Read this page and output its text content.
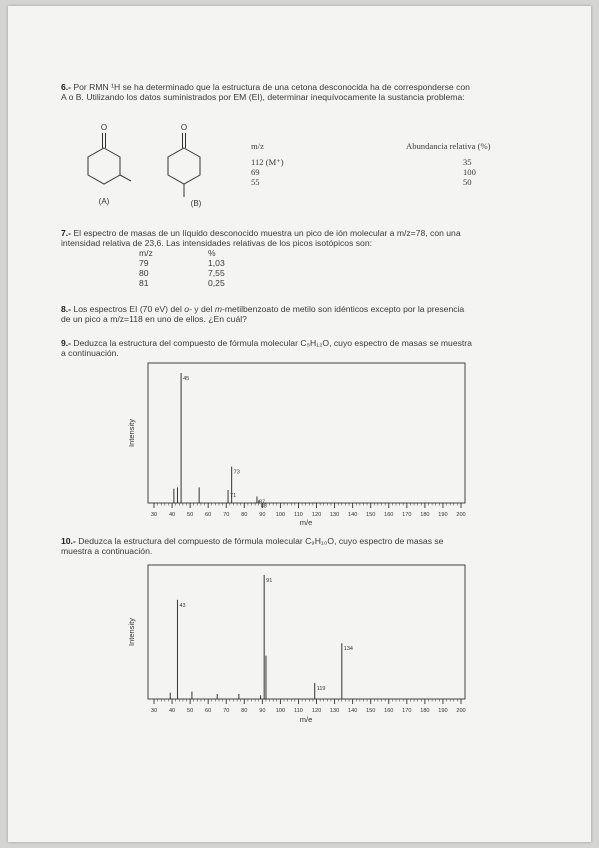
6.- Por RMN ¹H se ha determinado que la estructura de una cetona desconocida ha de corresponderse con
A o B. Utilizando los datos suministrados por EM (EI), determinar inequívocamente la sustancia problema:
O
(A)
O
(B)
m/z
112 (M⁺)
69
55
Abundancia relativa (%)
35
100
50
7.- El espectro de masas de un líquido desconocido muestra un pico de ión molecular a m/z=78, con una
intensidad relativa de 23,6. Las intensidades relativas de los picos isotópicos son:
m/z
79
80
81
%
1,03
7,55
0,25
8.- Los espectros EI (70 eV) del o- y del m-metilbenzoato de metilo son idénticos excepto por la presencia
de un pico a m/z=118 en uno de ellos. ¿En cuál?
9.- Deduzca la estructura del compuesto de fórmula molecular C₅H₁₂O, cuyo espectro de masas se muestra
a continuación.
45
71
73
87
88
30 40 50 60 70 80 90 100 110 120 130 140 150 160 170 180 190 200
Intensity
m/e
10.- Deduzca la estructura del compuesto de fórmula molecular C₉H₁₀O, cuyo espectro de masas se
muestra a continuación.
43
91
119
134
30 40 50 60 70 80 90 100 110 120 130 140 150 160 170 180 190 200
Intensity
m/e
